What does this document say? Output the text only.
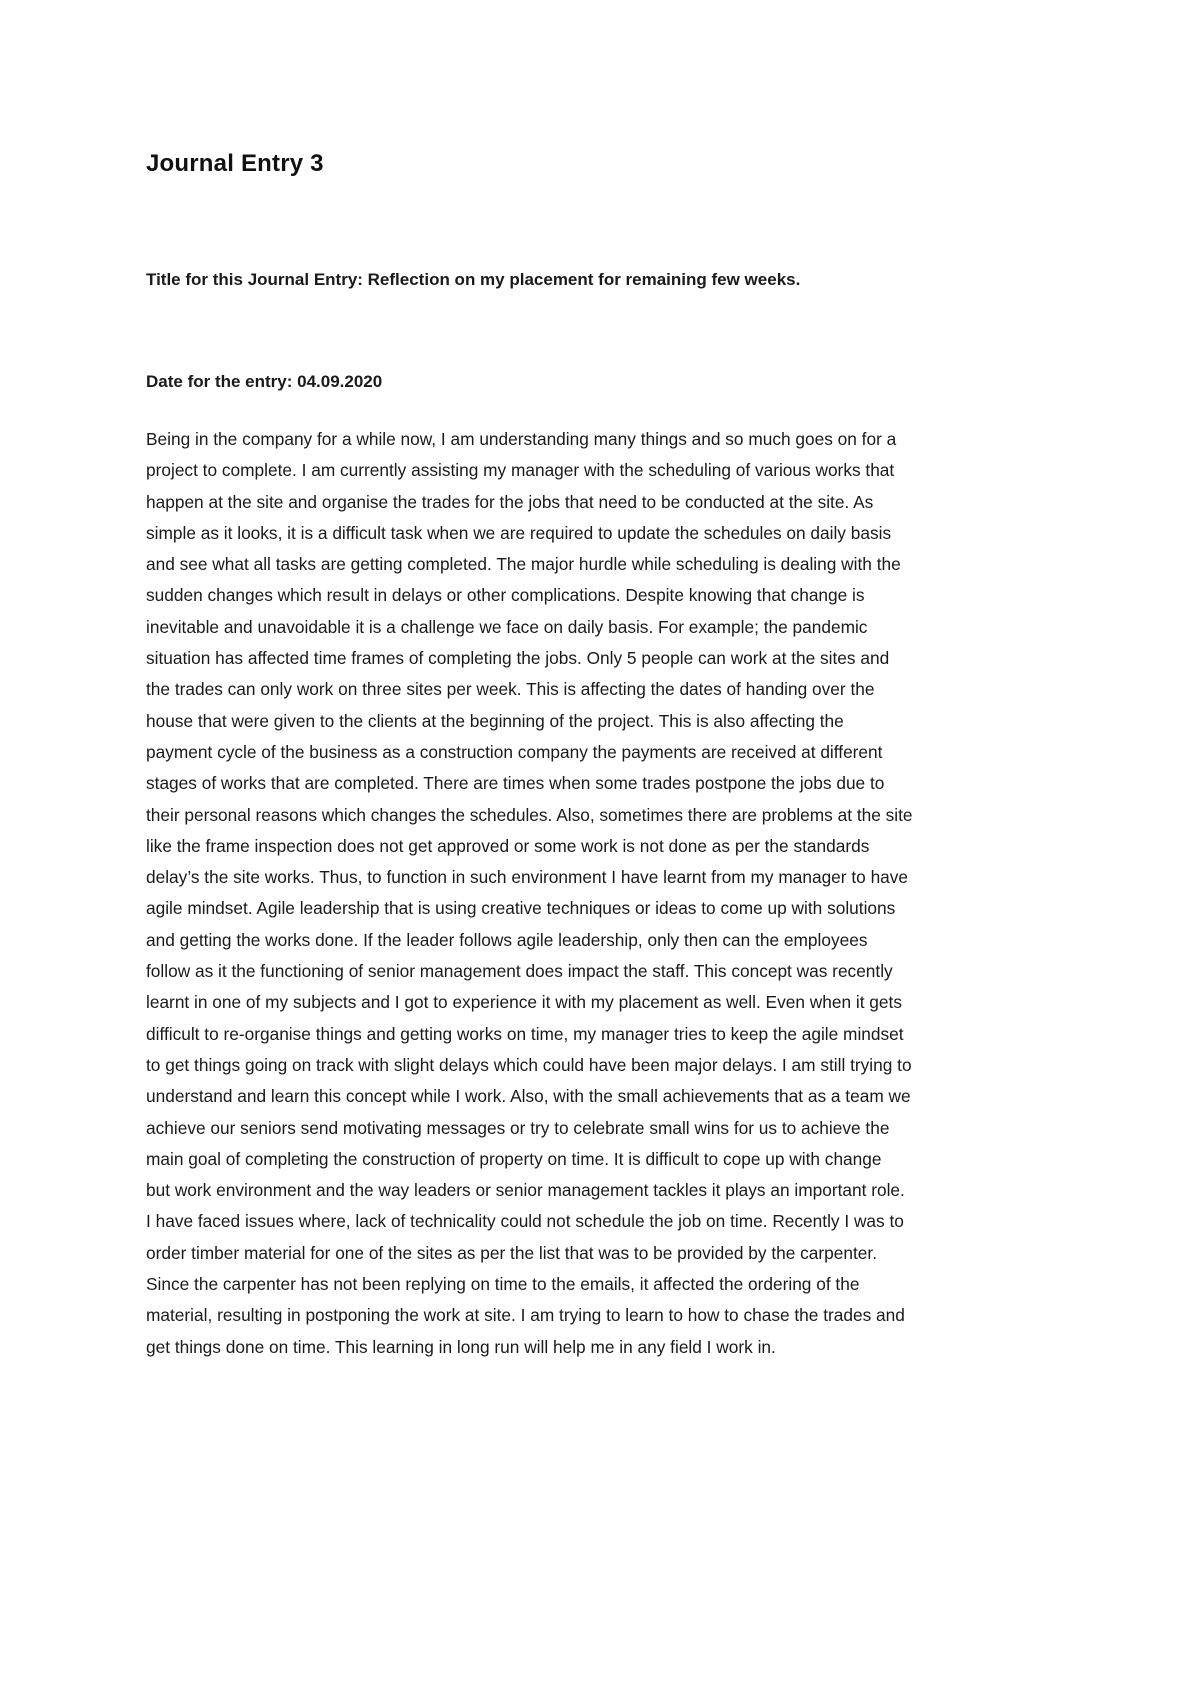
Journal Entry 3

Title for this Journal Entry: Reflection on my placement for remaining few weeks.

Date for the entry: 04.09.2020

Being in the company for a while now, I am understanding many things and so much goes on for a
project to complete. I am currently assisting my manager with the scheduling of various works that
happen at the site and organise the trades for the jobs that need to be conducted at the site. As
simple as it looks, it is a difficult task when we are required to update the schedules on daily basis
and see what all tasks are getting completed. The major hurdle while scheduling is dealing with the
sudden changes which result in delays or other complications. Despite knowing that change is
inevitable and unavoidable it is a challenge we face on daily basis. For example; the pandemic
situation has affected time frames of completing the jobs. Only 5 people can work at the sites and
the trades can only work on three sites per week. This is affecting the dates of handing over the
house that were given to the clients at the beginning of the project. This is also affecting the
payment cycle of the business as a construction company the payments are received at different
stages of works that are completed. There are times when some trades postpone the jobs due to
their personal reasons which changes the schedules. Also, sometimes there are problems at the site
like the frame inspection does not get approved or some work is not done as per the standards
delay’s the site works. Thus, to function in such environment I have learnt from my manager to have
agile mindset. Agile leadership that is using creative techniques or ideas to come up with solutions
and getting the works done. If the leader follows agile leadership, only then can the employees
follow as it the functioning of senior management does impact the staff. This concept was recently
learnt in one of my subjects and I got to experience it with my placement as well. Even when it gets
difficult to re-organise things and getting works on time, my manager tries to keep the agile mindset
to get things going on track with slight delays which could have been major delays. I am still trying to
understand and learn this concept while I work. Also, with the small achievements that as a team we
achieve our seniors send motivating messages or try to celebrate small wins for us to achieve the
main goal of completing the construction of property on time. It is difficult to cope up with change
but work environment and the way leaders or senior management tackles it plays an important role.
I have faced issues where, lack of technicality could not schedule the job on time. Recently I was to
order timber material for one of the sites as per the list that was to be provided by the carpenter.
Since the carpenter has not been replying on time to the emails, it affected the ordering of the
material, resulting in postponing the work at site. I am trying to learn to how to chase the trades and
get things done on time. This learning in long run will help me in any field I work in.
